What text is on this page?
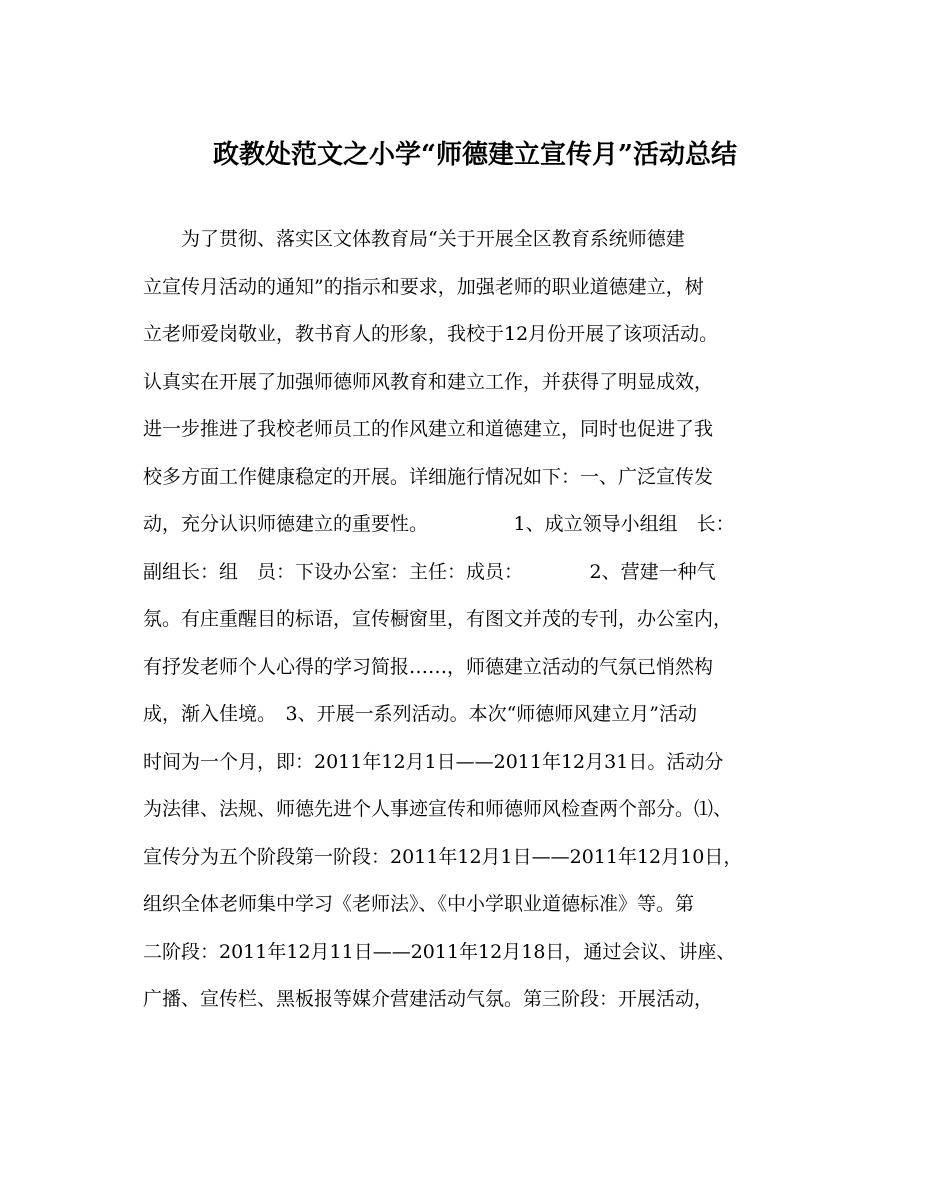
政教处范文之小学“师德建立宣传月”活动总结
　　为了贯彻、落实区文体教育局“关于开展全区教育系统师德建
立宣传月活动的通知”的指示和要求，加强老师的职业道德建立，树
立老师爱岗敬业，教书育人的形象，我校于12月份开展了该项活动。
认真实在开展了加强师德师风教育和建立工作，并获得了明显成效，
进一步推进了我校老师员工的作风建立和道德建立，同时也促进了我
校多方面工作健康稳定的开展。详细施行情况如下：一、广泛宣传发
动，充分认识师德建立的重要性。　　　　　1、成立领导小组组　长：
副组长：组　员：下设办公室：主任：成员：　　　　2、营建一种气
氛。有庄重醒目的标语，宣传橱窗里，有图文并茂的专刊，办公室内，
有抒发老师个人心得的学习简报……，师德建立活动的气氛已悄然构
成，渐入佳境。　3、开展一系列活动。本次“师德师风建立月”活动
时间为一个月，即：2011年12月1日——2011年12月31日。活动分
为法律、法规、师德先进个人事迹宣传和师德师风检查两个部分。⑴、
宣传分为五个阶段第一阶段：2011年12月1日——2011年12月10日，
组织全体老师集中学习《老师法》、《中小学职业道德标准》等。第
二阶段：2011年12月11日——2011年12月18日，通过会议、讲座、
广播、宣传栏、黑板报等媒介营建活动气氛。第三阶段：开展活动，
